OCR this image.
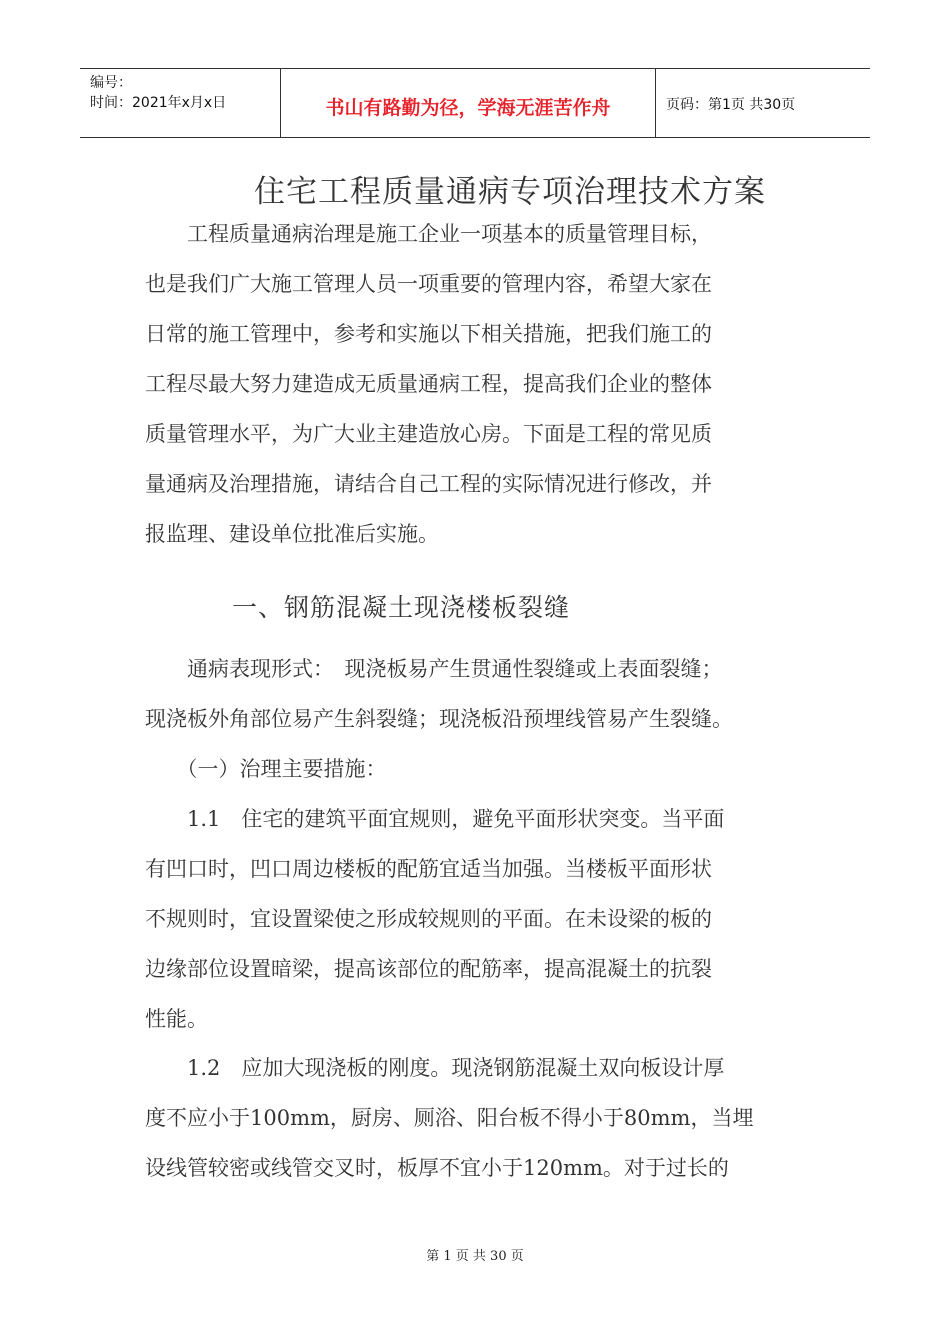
编号：
时间：2021年x月x日	书山有路勤为径，学海无涯苦作舟	页码：第1页 共30页
住宅工程质量通病专项治理技术方案
　　工程质量通病治理是施工企业一项基本的质量管理目标，
也是我们广大施工管理人员一项重要的管理内容，希望大家在
日常的施工管理中，参考和实施以下相关措施，把我们施工的
工程尽最大努力建造成无质量通病工程，提高我们企业的整体
质量管理水平，为广大业主建造放心房。下面是工程的常见质
量通病及治理措施，请结合自己工程的实际情况进行修改，并
报监理、建设单位批准后实施。
一、钢筋混凝土现浇楼板裂缝
　　通病表现形式：　现浇板易产生贯通性裂缝或上表面裂缝；
现浇板外角部位易产生斜裂缝；现浇板沿预埋线管易产生裂缝。
　　（一）治理主要措施：
　　1.1　住宅的建筑平面宜规则，避免平面形状突变。当平面
有凹口时，凹口周边楼板的配筋宜适当加强。当楼板平面形状
不规则时，宜设置梁使之形成较规则的平面。在未设梁的板的
边缘部位设置暗梁，提高该部位的配筋率，提高混凝土的抗裂
性能。
　　1.2　应加大现浇板的刚度。现浇钢筋混凝土双向板设计厚
度不应小于100mm，厨房、厕浴、阳台板不得小于80mm，当埋
设线管较密或线管交叉时，板厚不宜小于120mm。对于过长的
第 1 页 共 30 页
